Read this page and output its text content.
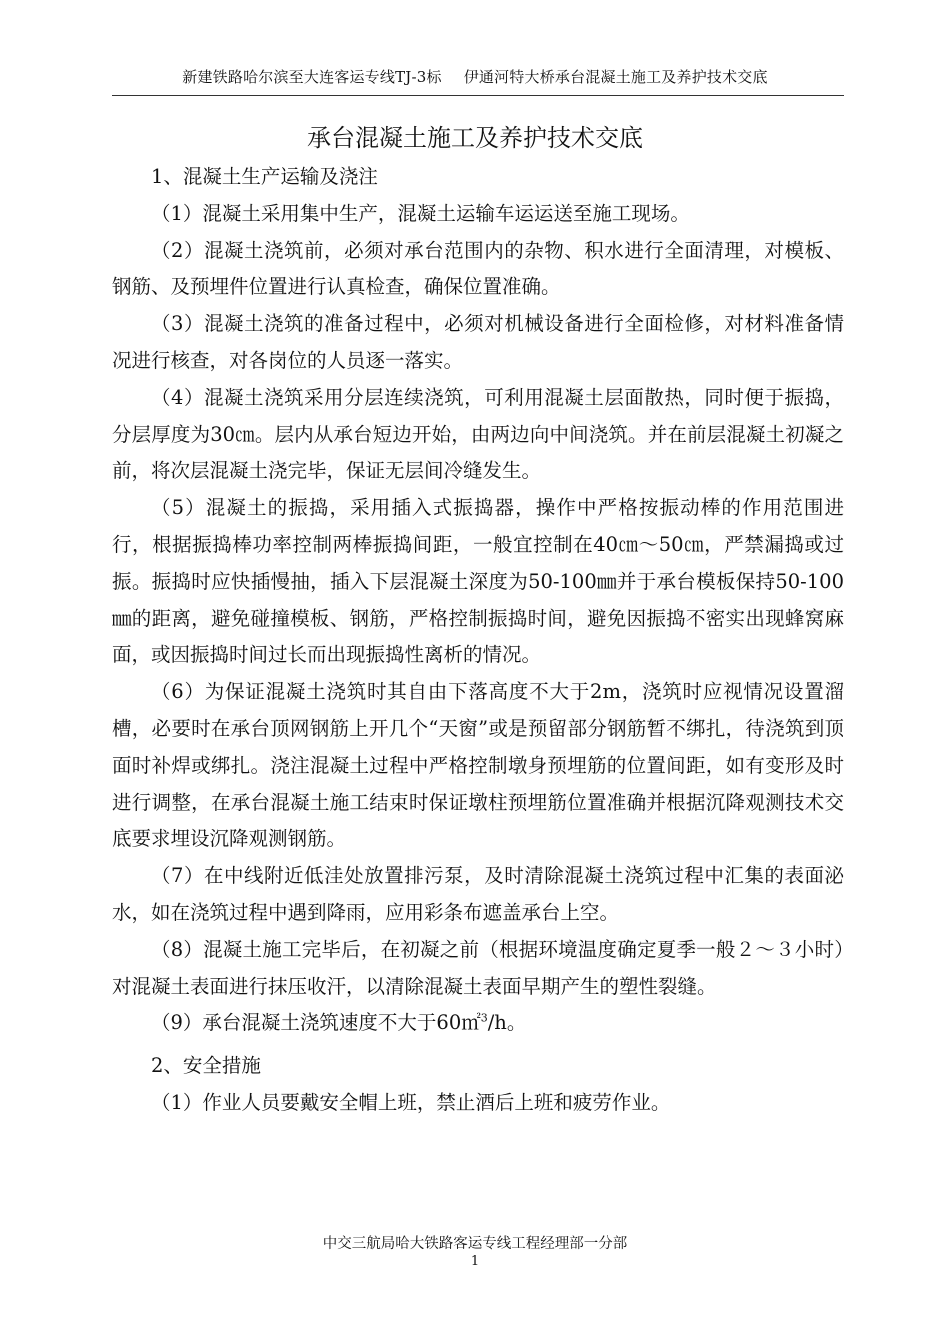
新建铁路哈尔滨至大连客运专线TJ-3标 伊通河特大桥承台混凝土施工及养护技术交底
承台混凝土施工及养护技术交底

1、混凝土生产运输及浇注

（1）混凝土采用集中生产，混凝土运输车运运送至施工现场。

（2）混凝土浇筑前，必须对承台范围内的杂物、积水进行全面清理，对模板、钢筋、及预埋件位置进行认真检查，确保位置准确。

（3）混凝土浇筑的准备过程中，必须对机械设备进行全面检修，对材料准备情况进行核查，对各岗位的人员逐一落实。

（4）混凝土浇筑采用分层连续浇筑，可利用混凝土层面散热，同时便于振捣，分层厚度为30㎝。层内从承台短边开始，由两边向中间浇筑。并在前层混凝土初凝之前，将次层混凝土浇完毕，保证无层间冷缝发生。

（5）混凝土的振捣，采用插入式振捣器，操作中严格按振动棒的作用范围进行，根据振捣棒功率控制两棒振捣间距，一般宜控制在40㎝～50㎝，严禁漏捣或过振。振捣时应快插慢抽，插入下层混凝土深度为50-100㎜并于承台模板保持50-100㎜的距离，避免碰撞模板、钢筋，严格控制振捣时间，避免因振捣不密实出现蜂窝麻面，或因振捣时间过长而出现振捣性离析的情况。

（6）为保证混凝土浇筑时其自由下落高度不大于2m，浇筑时应视情况设置溜槽，必要时在承台顶网钢筋上开几个“天窗”或是预留部分钢筋暂不绑扎，待浇筑到顶面时补焊或绑扎。浇注混凝土过程中严格控制墩身预埋筋的位置间距，如有变形及时进行调整，在承台混凝土施工结束时保证墩柱预埋筋位置准确并根据沉降观测技术交底要求埋设沉降观测钢筋。

（7）在中线附近低洼处放置排污泵，及时清除混凝土浇筑过程中汇集的表面泌水，如在浇筑过程中遇到降雨，应用彩条布遮盖承台上空。

（8）混凝土施工完毕后，在初凝之前（根据环境温度确定夏季一般２～３小时）对混凝土表面进行抹压收汗，以清除混凝土表面早期产生的塑性裂缝。

（9）承台混凝土浇筑速度不大于60㎡$^3$/h。

2、安全措施

（1）作业人员要戴安全帽上班，禁止酒后上班和疲劳作业。

中交三航局哈大铁路客运专线工程经理部一分部
1
